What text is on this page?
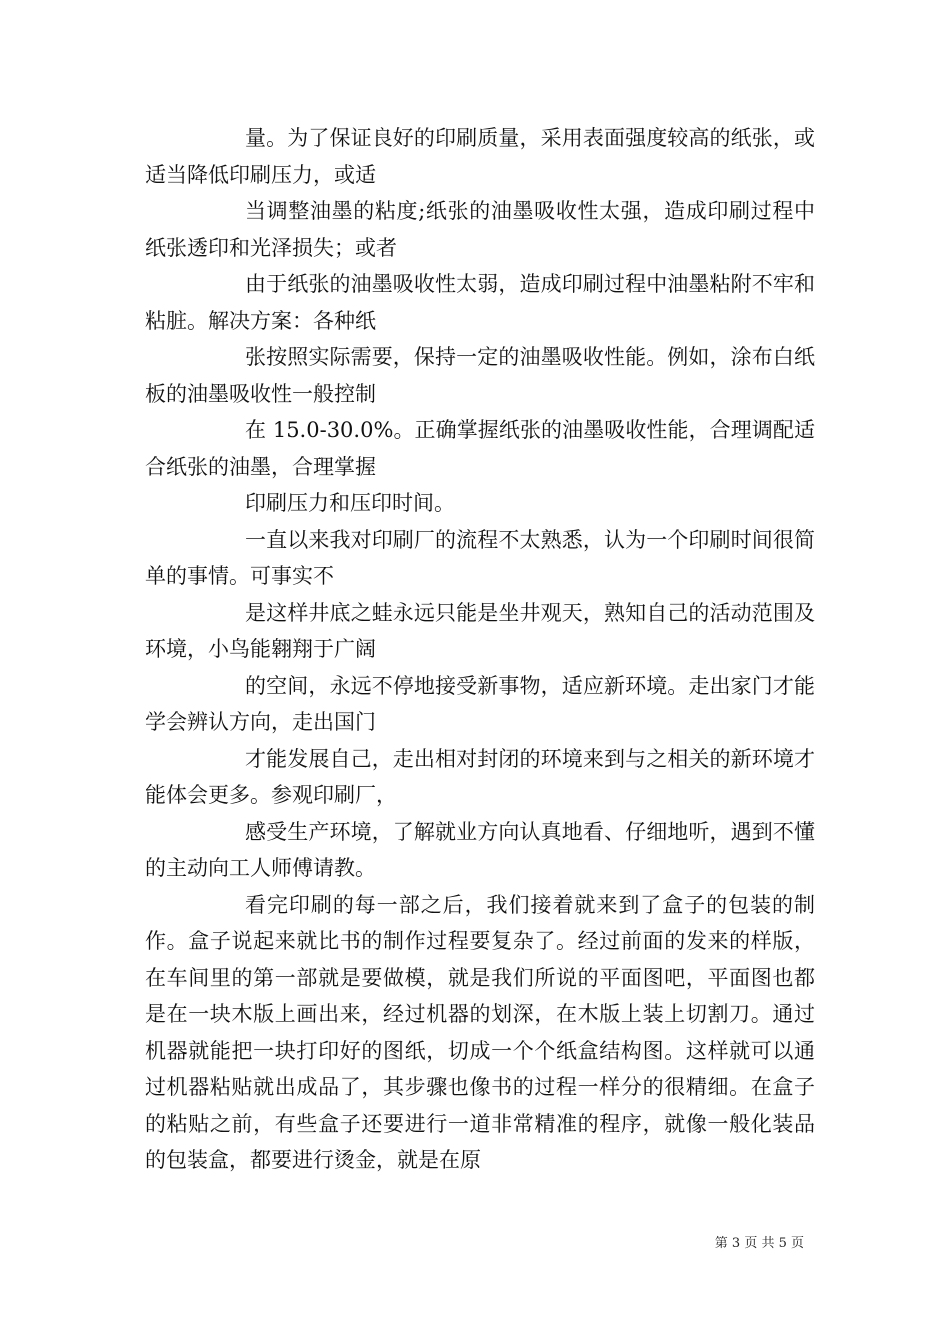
量。为了保证良好的印刷质量，采用表面强度较高的纸张，或适当降低印刷压力，或适

当调整油墨的粘度;纸张的油墨吸收性太强，造成印刷过程中纸张透印和光泽损失；或者

由于纸张的油墨吸收性太弱，造成印刷过程中油墨粘附不牢和粘脏。解决方案：各种纸

张按照实际需要，保持一定的油墨吸收性能。例如，涂布白纸板的油墨吸收性一般控制

在 15.0-30.0%。正确掌握纸张的油墨吸收性能，合理调配适合纸张的油墨，合理掌握

印刷压力和压印时间。

一直以来我对印刷厂的流程不太熟悉，认为一个印刷时间很简单的事情。可事实不

是这样井底之蛙永远只能是坐井观天，熟知自己的活动范围及环境，小鸟能翱翔于广阔

的空间，永远不停地接受新事物，适应新环境。走出家门才能学会辨认方向，走出国门

才能发展自己，走出相对封闭的环境来到与之相关的新环境才能体会更多。参观印刷厂，

感受生产环境，了解就业方向认真地看、仔细地听，遇到不懂的主动向工人师傅请教。

看完印刷的每一部之后，我们接着就来到了盒子的包装的制作。盒子说起来就比书的制作过程要复杂了。经过前面的发来的样版，在车间里的第一部就是要做模，就是我们所说的平面图吧，平面图也都是在一块木版上画出来，经过机器的划深，在木版上装上切割刀。通过机器就能把一块打印好的图纸，切成一个个纸盒结构图。这样就可以通过机器粘贴就出成品了，其步骤也像书的过程一样分的很精细。在盒子的粘贴之前，有些盒子还要进行一道非常精准的程序，就像一般化装品的包装盒，都要进行烫金，就是在原

第 3 页 共 5 页
